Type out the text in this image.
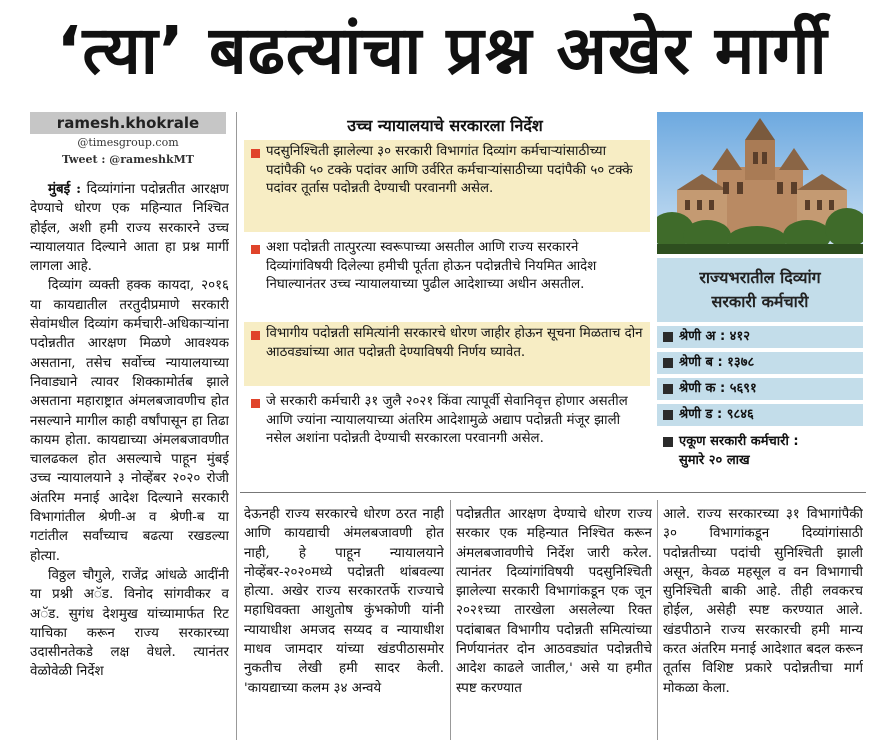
‘त्या’ बढत्यांचा प्रश्न अखेर मार्गी
ramesh.khokrale
@timesgroup.com
Tweet : @rameshkMT

मुंबई : दिव्यांगांना पदोन्नतीत आरक्षण देण्याचे धोरण एक महिन्यात निश्चित होईल, अशी हमी राज्य सरकारने उच्च न्यायालयात दिल्याने आता हा प्रश्न मार्गी लागला आहे.

दिव्यांग व्यक्ती हक्क कायदा, २०१६ या कायद्यातील तरतुदीप्रमाणे सरकारी सेवांमधील दिव्यांग कर्मचारी-अधिकाऱ्यांना पदोन्नतीत आरक्षण मिळणे आवश्यक असताना, तसेच सर्वोच्च न्यायालयाच्या निवाड्याने त्यावर शिक्कामोर्तब झाले असताना महाराष्ट्रात अंमलबजावणीच होत नसल्याने मागील काही वर्षांपासून हा तिढा कायम होता. कायद्याच्या अंमलबजावणीत चालढकल होत असल्याचे पाहून मुंबई उच्च न्यायालयाने ३ नोव्हेंबर २०२० रोजी अंतरिम मनाई आदेश दिल्याने सरकारी विभागांतील श्रेणी-अ व श्रेणी-ब या गटांतील सर्वांच्याच बढत्या रखडल्या होत्या.

विठ्ठल चौगुले, राजेंद्र आंधळे आदींनी या प्रश्नी अॅड. विनोद सांगवीकर व अॅड. सुगंध देशमुख यांच्यामार्फत रिट याचिका करून राज्य सरकारच्या उदासीनतेकडे लक्ष वेधले. त्यानंतर वेळोवेळी निर्देश

उच्च न्यायालयाचे सरकारला निर्देश
पदसुनिश्चिती झालेल्या ३० सरकारी विभागांत दिव्यांग कर्मचाऱ्यांसाठीच्या पदांपैकी ५० टक्के पदांवर आणि उर्वरित कर्मचाऱ्यांसाठीच्या पदांपैकी ५० टक्के पदांवर तूर्तास पदोन्नती देण्याची परवानगी असेल.
अशा पदोन्नती तात्पुरत्या स्वरूपाच्या असतील आणि राज्य सरकारने दिव्यांगांविषयी दिलेल्या हमीची पूर्तता होऊन पदोन्नतीचे नियमित आदेश निघाल्यानंतर उच्च न्यायालयाच्या पुढील आदेशाच्या अधीन असतील.
विभागीय पदोन्नती समित्यांनी सरकारचे धोरण जाहीर होऊन सूचना मिळताच दोन आठवड्यांच्या आत पदोन्नती देण्याविषयी निर्णय घ्यावेत.
जे सरकारी कर्मचारी ३१ जुलै २०२१ किंवा त्यापूर्वी सेवानिवृत्त होणार असतील आणि ज्यांना न्यायालयाच्या अंतरिम आदेशामुळे अद्याप पदोन्नती मंजूर झाली नसेल अशांना पदोन्नती देण्याची सरकारला परवानगी असेल.
राज्यभरातील दिव्यांग
सरकारी कर्मचारी
श्रेणी अ : ४१२
श्रेणी ब : १३७८
श्रेणी क : ५६९१
श्रेणी ड : ९८४६
एकूण सरकारी कर्मचारी :
सुमारे २० लाख

देऊनही राज्य सरकारचे धोरण ठरत नाही आणि कायद्याची अंमलबजावणी होत नाही, हे पाहून न्यायालयाने नोव्हेंबर-२०२०मध्ये पदोन्नती थांबवल्या होत्या. अखेर राज्य सरकारतर्फे राज्याचे महाधिवक्ता आशुतोष कुंभकोणी यांनी न्यायाधीश अमजद सय्यद व न्यायाधीश माधव जामदार यांच्या खंडपीठासमोर नुकतीच लेखी हमी सादर केली. 'कायद्याच्या कलम ३४ अन्वये

पदोन्नतीत आरक्षण देण्याचे धोरण राज्य सरकार एक महिन्यात निश्चित करून अंमलबजावणीचे निर्देश जारी करेल. त्यानंतर दिव्यांगांविषयी पदसुनिश्चिती झालेल्या सरकारी विभागांकडून एक जून २०२१च्या तारखेला असलेल्या रिक्त पदांबाबत विभागीय पदोन्नती समित्यांच्या निर्णयानंतर दोन आठवड्यांत पदोन्नतीचे आदेश काढले जातील,' असे या हमीत स्पष्ट करण्यात

आले. राज्य सरकारच्या ३१ विभागांपैकी ३० विभागांकडून दिव्यांगांसाठी पदोन्नतीच्या पदांची सुनिश्चिती झाली असून, केवळ महसूल व वन विभागाची सुनिश्चिती बाकी आहे. तीही लवकरच होईल, असेही स्पष्ट करण्यात आले. खंडपीठाने राज्य सरकारची हमी मान्य करत अंतरिम मनाई आदेशात बदल करून तूर्तास विशिष्ट प्रकारे पदोन्नतीचा मार्ग मोकळा केला.
